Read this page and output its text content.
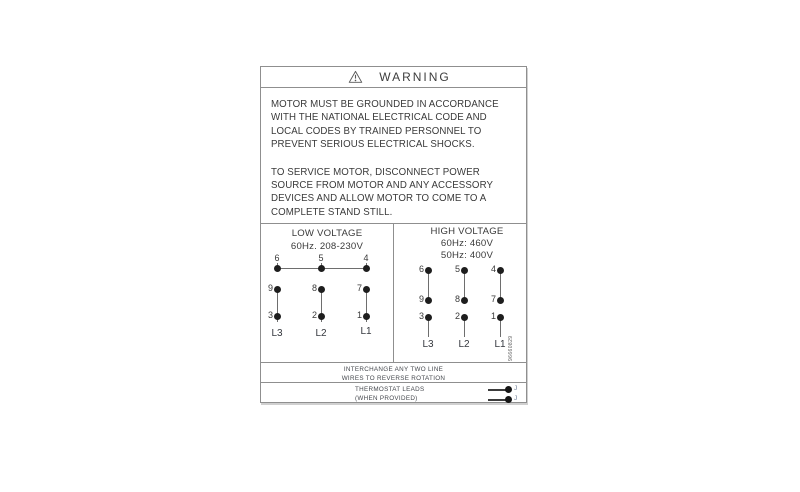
WARNING
MOTOR MUST BE GROUNDED IN ACCORDANCE
WITH THE NATIONAL ELECTRICAL CODE AND
LOCAL CODES BY TRAINED PERSONNEL TO
PREVENT SERIOUS ELECTRICAL SHOCKS.
TO SERVICE MOTOR, DISCONNECT POWER
SOURCE FROM MOTOR AND ANY ACCESSORY
DEVICES AND ALLOW MOTOR TO COME TO A
COMPLETE STAND STILL.
LOW VOLTAGE
60Hz. 208-230V
6	5	4
9	8	7
3	2	1
L3	L2	L1
HIGH VOLTAGE
60Hz: 460V
50Hz: 400V
6	5	4
9	8	7
3	2	1
L3	L2	L1 96660829
INTERCHANGE ANY TWO LINE
WIRES TO REVERSE ROTATION
THERMOSTAT LEADS
(WHEN PROVIDED)
J
J
